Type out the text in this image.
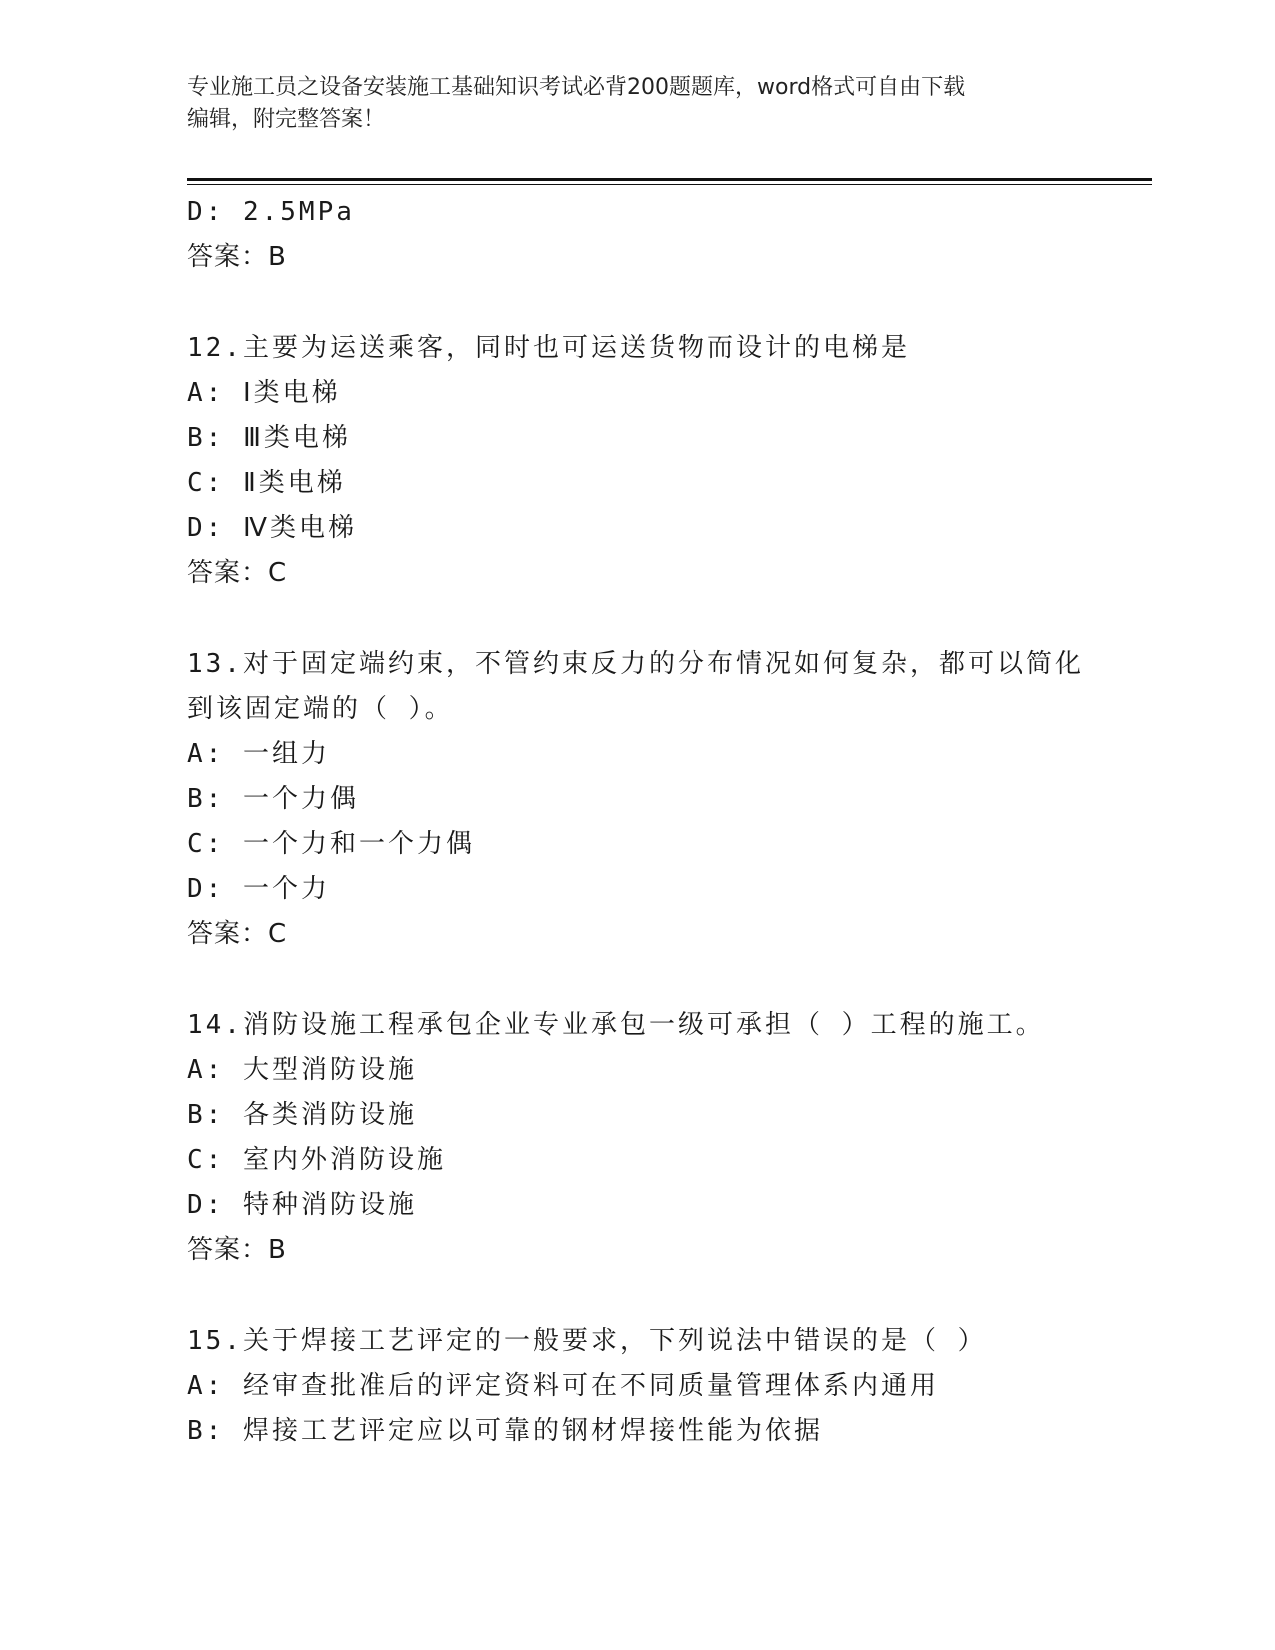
专业施工员之设备安装施工基础知识考试必背200题题库，word格式可自由下载
编辑，附完整答案！
D: 2.5MPa
答案：B
12.主要为运送乘客，同时也可运送货物而设计的电梯是
A: Ⅰ类电梯
B: Ⅲ类电梯
C: Ⅱ类电梯
D: Ⅳ类电梯
答案：C
13.对于固定端约束，不管约束反力的分布情况如何复杂，都可以简化
到该固定端的（ ）。
A: 一组力
B: 一个力偶
C: 一个力和一个力偶
D: 一个力
答案：C
14.消防设施工程承包企业专业承包一级可承担（ ）工程的施工。
A: 大型消防设施
B: 各类消防设施
C: 室内外消防设施
D: 特种消防设施
答案：B
15.关于焊接工艺评定的一般要求，下列说法中错误的是（ ）
A: 经审查批准后的评定资料可在不同质量管理体系内通用
B: 焊接工艺评定应以可靠的钢材焊接性能为依据
